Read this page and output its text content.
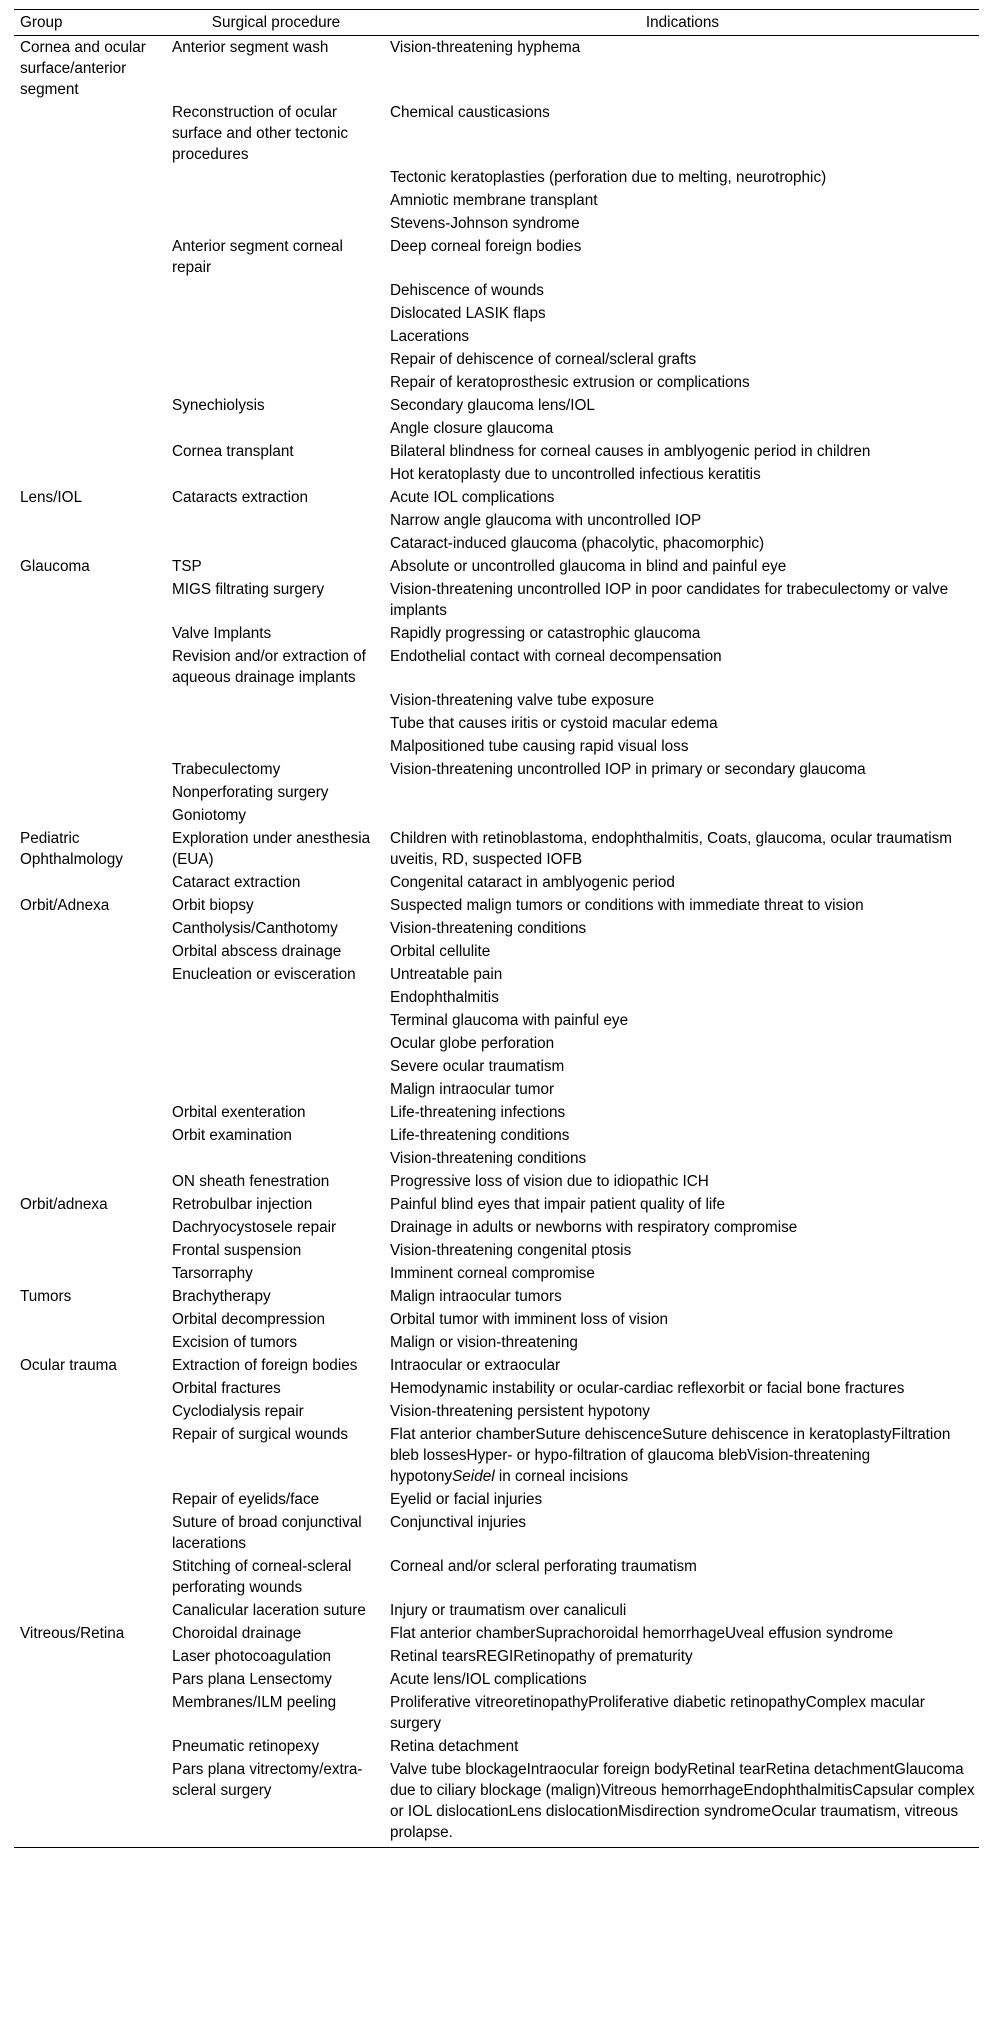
Group	Surgical procedure	Indications
Cornea and ocular surface/anterior segment	Anterior segment wash	Vision-threatening hyphema
	Reconstruction of ocular surface and other tectonic procedures	Chemical causticasions
		Tectonic keratoplasties (perforation due to melting, neurotrophic)
		Amniotic membrane transplant
		Stevens-Johnson syndrome
	Anterior segment corneal repair	Deep corneal foreign bodies
		Dehiscence of wounds
		Dislocated LASIK flaps
		Lacerations
		Repair of dehiscence of corneal/scleral grafts
		Repair of keratoprosthesic extrusion or complications
	Synechiolysis	Secondary glaucoma lens/IOL
		Angle closure glaucoma
	Cornea transplant	Bilateral blindness for corneal causes in amblyogenic period in children
		Hot keratoplasty due to uncontrolled infectious keratitis
Lens/IOL	Cataracts extraction	Acute IOL complications
		Narrow angle glaucoma with uncontrolled IOP
		Cataract-induced glaucoma (phacolytic, phacomorphic)
Glaucoma	TSP	Absolute or uncontrolled glaucoma in blind and painful eye
	MIGS filtrating surgery	Vision-threatening uncontrolled IOP in poor candidates for trabeculectomy or valve implants
	Valve Implants	Rapidly progressing or catastrophic glaucoma
	Revision and/or extraction of aqueous drainage implants	Endothelial contact with corneal decompensation
		Vision-threatening valve tube exposure
		Tube that causes iritis or cystoid macular edema
		Malpositioned tube causing rapid visual loss
	Trabeculectomy	Vision-threatening uncontrolled IOP in primary or secondary glaucoma
	Nonperforating surgery	
	Goniotomy	
Pediatric Ophthalmology	Exploration under anesthesia (EUA)	Children with retinoblastoma, endophthalmitis, Coats, glaucoma, ocular traumatism uveitis, RD, suspected IOFB
	Cataract extraction	Congenital cataract in amblyogenic period
Orbit/Adnexa	Orbit biopsy	Suspected malign tumors or conditions with immediate threat to vision
	Cantholysis/Canthotomy	Vision-threatening conditions
	Orbital abscess drainage	Orbital cellulite
	Enucleation or evisceration	Untreatable pain
		Endophthalmitis
		Terminal glaucoma with painful eye
		Ocular globe perforation
		Severe ocular traumatism
		Malign intraocular tumor
	Orbital exenteration	Life-threatening infections
	Orbit examination	Life-threatening conditions
		Vision-threatening conditions
	ON sheath fenestration	Progressive loss of vision due to idiopathic ICH
Orbit/adnexa	Retrobulbar injection	Painful blind eyes that impair patient quality of life
	Dachryocystosele repair	Drainage in adults or newborns with respiratory compromise
	Frontal suspension	Vision-threatening congenital ptosis
	Tarsorraphy	Imminent corneal compromise
Tumors	Brachytherapy	Malign intraocular tumors
	Orbital decompression	Orbital tumor with imminent loss of vision
	Excision of tumors	Malign or vision-threatening
Ocular trauma	Extraction of foreign bodies	Intraocular or extraocular
	Orbital fractures	Hemodynamic instability or ocular-cardiac reflexorbit or facial bone fractures
	Cyclodialysis repair	Vision-threatening persistent hypotony
	Repair of surgical wounds	Flat anterior chamberSuture dehiscenceSuture dehiscence in keratoplastyFiltration bleb lossesHyper- or hypo-filtration of glaucoma blebVision-threatening hypotonySeidel in corneal incisions
	Repair of eyelids/face	Eyelid or facial injuries
	Suture of broad conjunctival lacerations	Conjunctival injuries
	Stitching of corneal-scleral perforating wounds	Corneal and/or scleral perforating traumatism
	Canalicular laceration suture	Injury or traumatism over canaliculi
Vitreous/Retina	Choroidal drainage	Flat anterior chamberSuprachoroidal hemorrhageUveal effusion syndrome
	Laser photocoagulation	Retinal tearsREGIRetinopathy of prematurity
	Pars plana Lensectomy	Acute lens/IOL complications
	Membranes/ILM peeling	Proliferative vitreoretinopathyProliferative diabetic retinopathyComplex macular surgery
	Pneumatic retinopexy	Retina detachment
	Pars plana vitrectomy/extra-scleral surgery	Valve tube blockageIntraocular foreign bodyRetinal tearRetina detachmentGlaucoma due to ciliary blockage (malign)Vitreous hemorrhageEndophthalmitisCapsular complex or IOL dislocationLens dislocationMisdirection syndromeOcular traumatism, vitreous prolapse.
